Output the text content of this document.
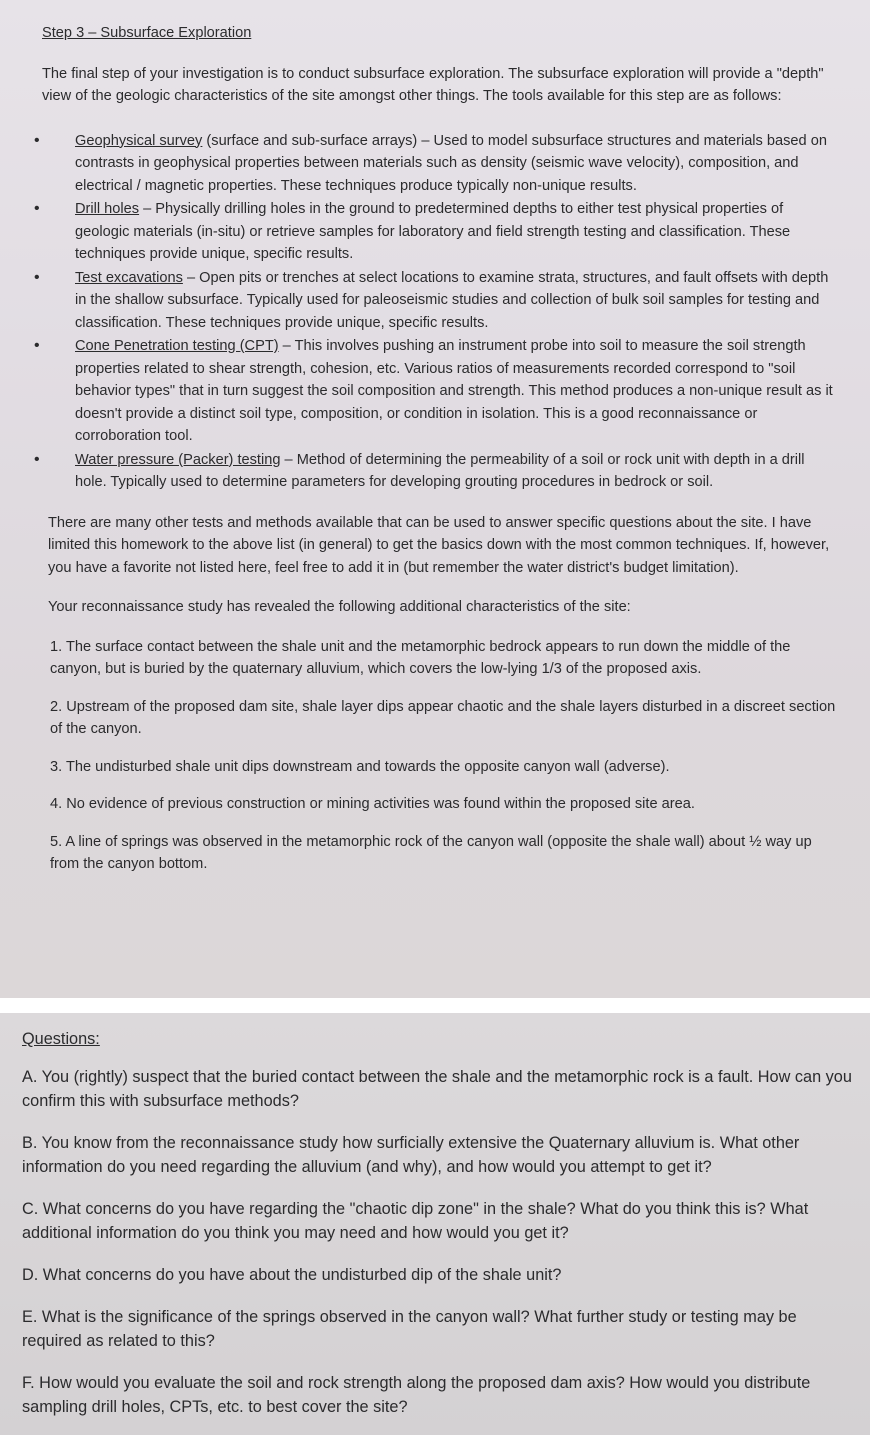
Step 3 – Subsurface Exploration

The final step of your investigation is to conduct subsurface exploration. The subsurface exploration will provide a "depth" view of the geologic characteristics of the site amongst other things. The tools available for this step are as follows:

• Geophysical survey (surface and sub-surface arrays) – Used to model subsurface structures and materials based on contrasts in geophysical properties between materials such as density (seismic wave velocity), composition, and electrical / magnetic properties. These techniques produce typically non-unique results.
• Drill holes – Physically drilling holes in the ground to predetermined depths to either test physical properties of geologic materials (in-situ) or retrieve samples for laboratory and field strength testing and classification. These techniques provide unique, specific results.
• Test excavations – Open pits or trenches at select locations to examine strata, structures, and fault offsets with depth in the shallow subsurface. Typically used for paleoseismic studies and collection of bulk soil samples for testing and classification. These techniques provide unique, specific results.
• Cone Penetration testing (CPT) – This involves pushing an instrument probe into soil to measure the soil strength properties related to shear strength, cohesion, etc. Various ratios of measurements recorded correspond to "soil behavior types" that in turn suggest the soil composition and strength. This method produces a non-unique result as it doesn't provide a distinct soil type, composition, or condition in isolation. This is a good reconnaissance or corroboration tool.
• Water pressure (Packer) testing – Method of determining the permeability of a soil or rock unit with depth in a drill hole. Typically used to determine parameters for developing grouting procedures in bedrock or soil.

There are many other tests and methods available that can be used to answer specific questions about the site. I have limited this homework to the above list (in general) to get the basics down with the most common techniques. If, however, you have a favorite not listed here, feel free to add it in (but remember the water district's budget limitation).

Your reconnaissance study has revealed the following additional characteristics of the site:

1. The surface contact between the shale unit and the metamorphic bedrock appears to run down the middle of the canyon, but is buried by the quaternary alluvium, which covers the low-lying 1/3 of the proposed axis.

2. Upstream of the proposed dam site, shale layer dips appear chaotic and the shale layers disturbed in a discreet section of the canyon.

3. The undisturbed shale unit dips downstream and towards the opposite canyon wall (adverse).

4. No evidence of previous construction or mining activities was found within the proposed site area.

5. A line of springs was observed in the metamorphic rock of the canyon wall (opposite the shale wall) about ½ way up from the canyon bottom.

Questions:

A. You (rightly) suspect that the buried contact between the shale and the metamorphic rock is a fault. How can you confirm this with subsurface methods?

B. You know from the reconnaissance study how surficially extensive the Quaternary alluvium is. What other information do you need regarding the alluvium (and why), and how would you attempt to get it?

C. What concerns do you have regarding the "chaotic dip zone" in the shale? What do you think this is? What additional information do you think you may need and how would you get it?

D. What concerns do you have about the undisturbed dip of the shale unit?

E. What is the significance of the springs observed in the canyon wall? What further study or testing may be required as related to this?

F. How would you evaluate the soil and rock strength along the proposed dam axis? How would you distribute sampling drill holes, CPTs, etc. to best cover the site?
